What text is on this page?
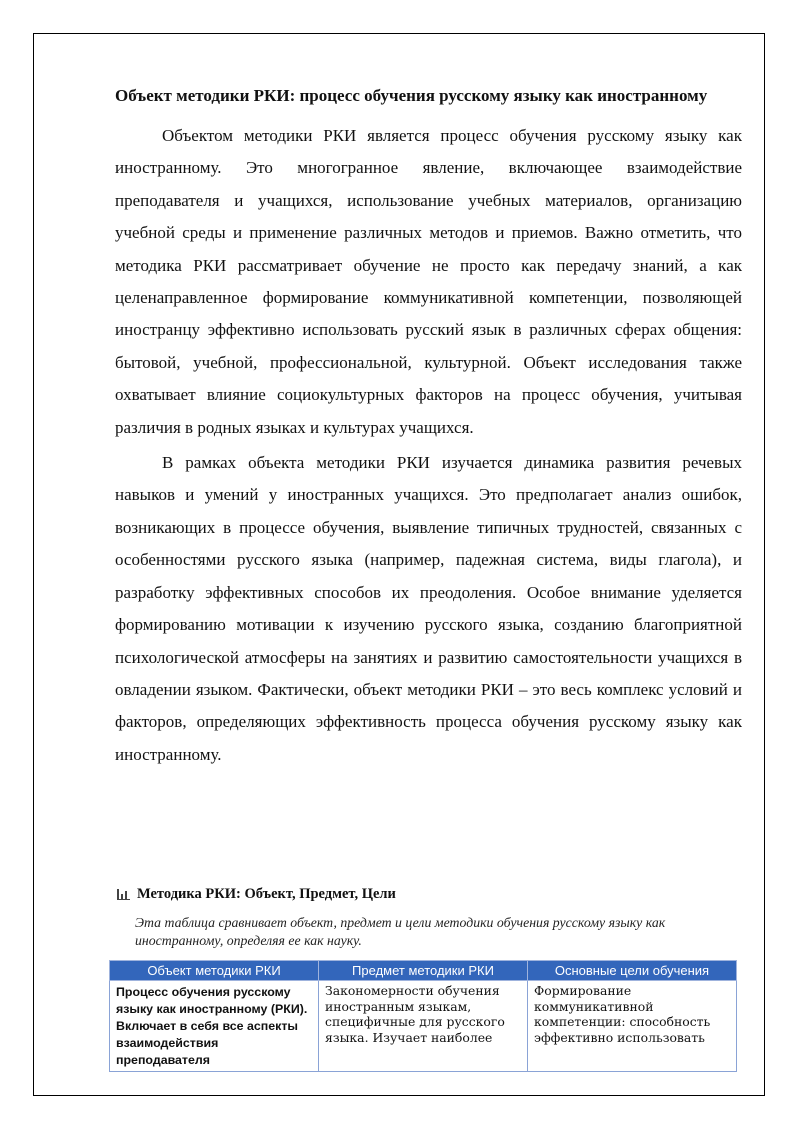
Объект методики РКИ: процесс обучения русскому языку как иностранному

Объектом методики РКИ является процесс обучения русскому языку как иностранному. Это многогранное явление, включающее взаимодействие преподавателя и учащихся, использование учебных материалов, организацию учебной среды и применение различных методов и приемов. Важно отметить, что методика РКИ рассматривает обучение не просто как передачу знаний, а как целенаправленное формирование коммуникативной компетенции, позволяющей иностранцу эффективно использовать русский язык в различных сферах общения: бытовой, учебной, профессиональной, культурной. Объект исследования также охватывает влияние социокультурных факторов на процесс обучения, учитывая различия в родных языках и культурах учащихся.

В рамках объекта методики РКИ изучается динамика развития речевых навыков и умений у иностранных учащихся. Это предполагает анализ ошибок, возникающих в процессе обучения, выявление типичных трудностей, связанных с особенностями русского языка (например, падежная система, виды глагола), и разработку эффективных способов их преодоления. Особое внимание уделяется формированию мотивации к изучению русского языка, созданию благоприятной психологической атмосферы на занятиях и развитию самостоятельности учащихся в овладении языком. Фактически, объект методики РКИ – это весь комплекс условий и факторов, определяющих эффективность процесса обучения русскому языку как иностранному.

Методика РКИ: Объект, Предмет, Цели
Эта таблица сравнивает объект, предмет и цели методики обучения русскому языку как иностранному, определяя ее как науку.
Объект методики РКИ	Предмет методики РКИ	Основные цели обучения
Процесс обучения русскому языку как иностранному (РКИ). Включает в себя все аспекты взаимодействия преподавателя	Закономерности обучения иностранным языкам, специфичные для русского языка. Изучает наиболее	Формирование коммуникативной компетенции: способность эффективно использовать
